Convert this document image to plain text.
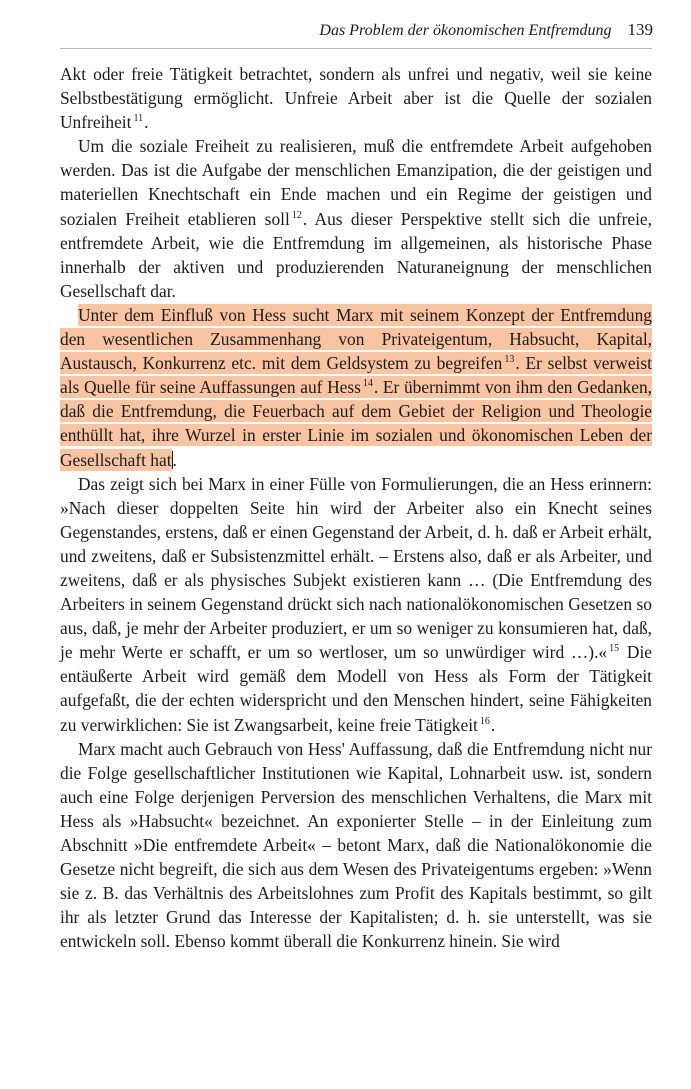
Das Problem der ökonomischen Entfremdung 139

Akt oder freie Tätigkeit betrachtet, sondern als unfrei und negativ, weil sie keine Selbstbestätigung ermöglicht. Unfreie Arbeit aber ist die Quelle der sozialen Unfreiheit $^{11}$.

Um die soziale Freiheit zu realisieren, muß die entfremdete Arbeit aufgehoben werden. Das ist die Aufgabe der menschlichen Emanzipation, die der geistigen und materiellen Knechtschaft ein Ende machen und ein Regime der geistigen und sozialen Freiheit etablieren soll $^{12}$. Aus dieser Perspektive stellt sich die unfreie, entfremdete Arbeit, wie die Entfremdung im allgemeinen, als historische Phase innerhalb der aktiven und produzierenden Naturaneignung der menschlichen Gesellschaft dar.

Unter dem Einfluß von Hess sucht Marx mit seinem Konzept der Entfremdung den wesentlichen Zusammenhang von Privateigentum, Habsucht, Kapital, Austausch, Konkurrenz etc. mit dem Geldsystem zu begreifen $^{13}$. Er selbst verweist als Quelle für seine Auffassungen auf Hess $^{14}$. Er übernimmt von ihm den Gedanken, daß die Entfremdung, die Feuerbach auf dem Gebiet der Religion und Theologie enthüllt hat, ihre Wurzel in erster Linie im sozialen und ökonomischen Leben der Gesellschaft hat.

Das zeigt sich bei Marx in einer Fülle von Formulierungen, die an Hess erinnern: »Nach dieser doppelten Seite hin wird der Arbeiter also ein Knecht seines Gegenstandes, erstens, daß er einen Gegenstand der Arbeit, d. h. daß er Arbeit erhält, und zweitens, daß er Subsistenzmittel erhält. – Erstens also, daß er als Arbeiter, und zweitens, daß er als physisches Subjekt existieren kann … (Die Entfremdung des Arbeiters in seinem Gegenstand drückt sich nach nationalökonomischen Gesetzen so aus, daß, je mehr der Arbeiter produziert, er um so weniger zu konsumieren hat, daß, je mehr Werte er schafft, er um so wertloser, um so unwürdiger wird …).« $^{15}$ Die entäußerte Arbeit wird gemäß dem Modell von Hess als Form der Tätigkeit aufgefaßt, die der echten widerspricht und den Menschen hindert, seine Fähigkeiten zu verwirklichen: Sie ist Zwangsarbeit, keine freie Tätigkeit $^{16}$.

Marx macht auch Gebrauch von Hess' Auffassung, daß die Entfremdung nicht nur die Folge gesellschaftlicher Institutionen wie Kapital, Lohnarbeit usw. ist, sondern auch eine Folge derjenigen Perversion des menschlichen Verhaltens, die Marx mit Hess als »Habsucht« bezeichnet. An exponierter Stelle – in der Einleitung zum Abschnitt »Die entfremdete Arbeit« – betont Marx, daß die Nationalökonomie die Gesetze nicht begreift, die sich aus dem Wesen des Privateigentums ergeben: »Wenn sie z. B. das Verhältnis des Arbeitslohnes zum Profit des Kapitals bestimmt, so gilt ihr als letzter Grund das Interesse der Kapitalisten; d. h. sie unterstellt, was sie entwickeln soll. Ebenso kommt überall die Konkurrenz hinein. Sie wird
